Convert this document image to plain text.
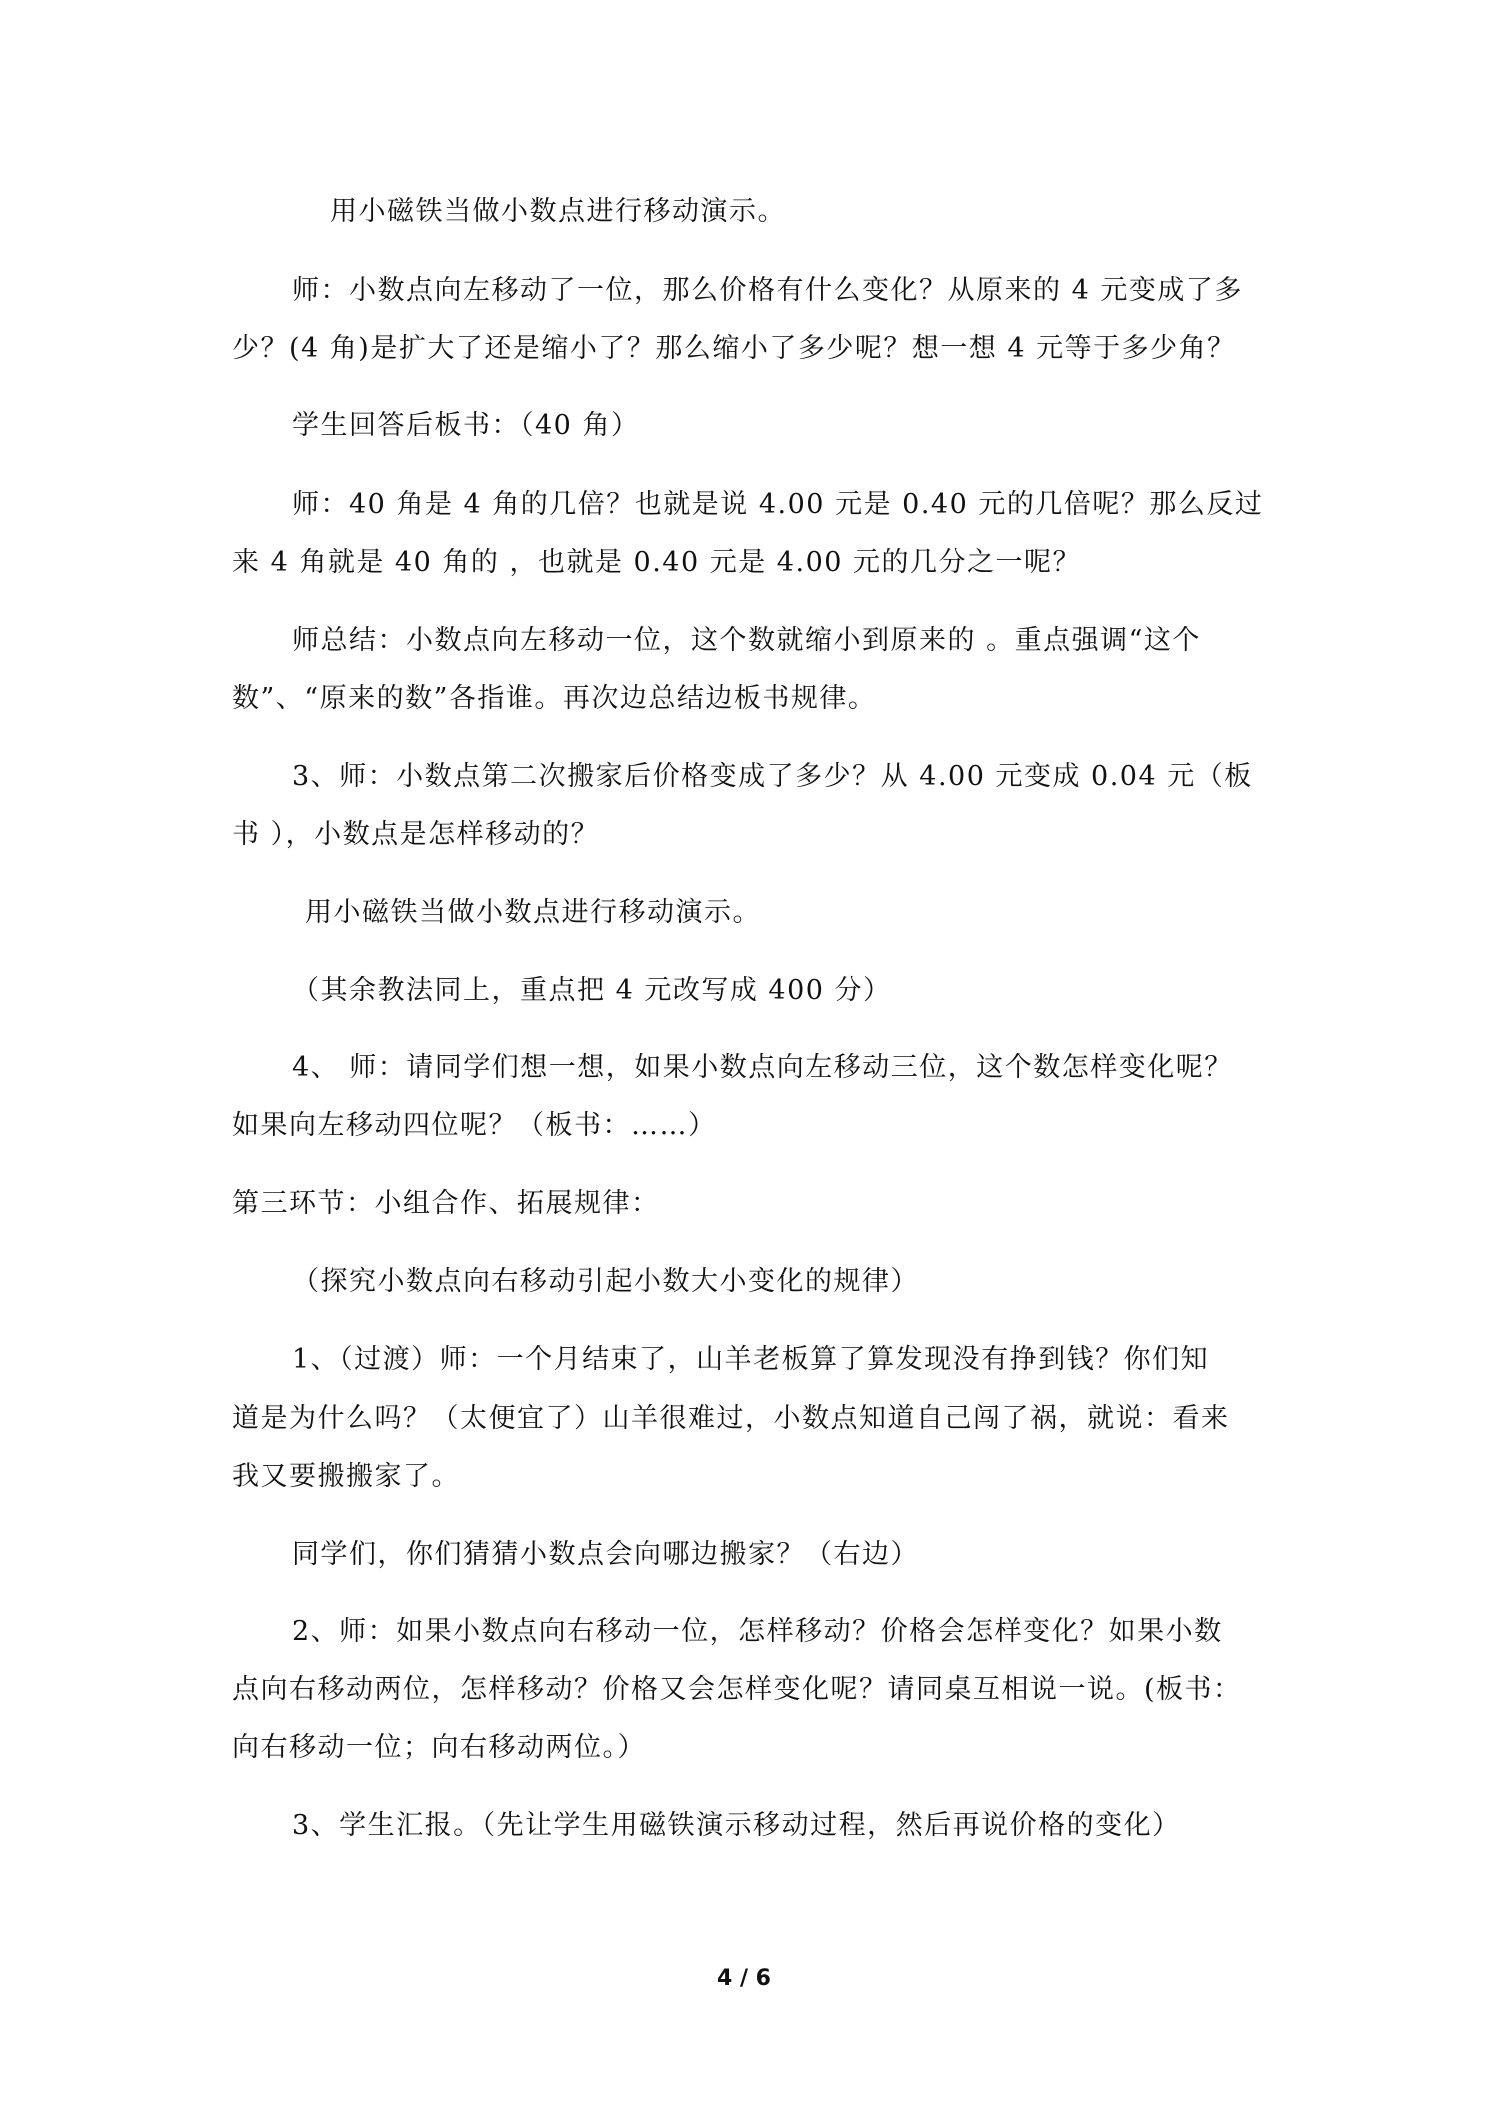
用小磁铁当做小数点进行移动演示。
师：小数点向左移动了一位，那么价格有什么变化？从原来的 4 元变成了多
少？(4 角)是扩大了还是缩小了？那么缩小了多少呢？想一想 4 元等于多少角？
学生回答后板书：（40 角）
师：40 角是 4 角的几倍？也就是说 4.00 元是 0.40 元的几倍呢？那么反过
来 4 角就是 40 角的 ，也就是 0.40 元是 4.00 元的几分之一呢？
师总结：小数点向左移动一位，这个数就缩小到原来的 。重点强调“这个
数”、“原来的数”各指谁。再次边总结边板书规律。
3、师：小数点第二次搬家后价格变成了多少？从 4.00 元变成 0.04 元（板
书 ），小数点是怎样移动的？
用小磁铁当做小数点进行移动演示。
（其余教法同上，重点把 4 元改写成 400 分）
4、 师：请同学们想一想，如果小数点向左移动三位，这个数怎样变化呢？
如果向左移动四位呢？（板书：……）
第三环节：小组合作、拓展规律：
（探究小数点向右移动引起小数大小变化的规律）
1、（过渡）师：一个月结束了，山羊老板算了算发现没有挣到钱？你们知
道是为什么吗？（太便宜了）山羊很难过，小数点知道自己闯了祸，就说：看来
我又要搬搬家了。
同学们，你们猜猜小数点会向哪边搬家？（右边）
2、师：如果小数点向右移动一位，怎样移动？价格会怎样变化？如果小数
点向右移动两位，怎样移动？价格又会怎样变化呢？请同桌互相说一说。(板书：
向右移动一位；向右移动两位。）
3、学生汇报。（先让学生用磁铁演示移动过程，然后再说价格的变化）
4 / 6
